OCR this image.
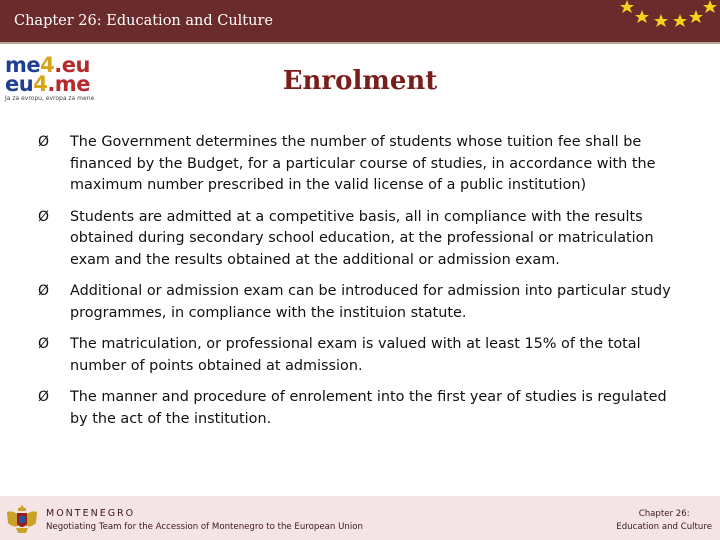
Chapter 26: Education and Culture
me4.eu
eu4.me
Ja za evropu, evropa za mene
Enrolment
Ø	The Government determines the number of students whose tuition fee shall be financed by the Budget, for a particular course of studies, in accordance with the maximum number prescribed in the valid license of a public institution)
Ø	Students are admitted at a competitive basis, all in compliance with the results obtained during secondary school education, at the professional or matriculation exam and the results obtained at the additional or admission exam.
Ø	Additional or admission exam can be introduced for admission into particular study programmes, in compliance with the instituion statute.
Ø	The matriculation, or professional exam is valued with at least 15% of the total number of points obtained at admission.
Ø	The manner and procedure of enrolement into the first year of studies is regulated by the act of the institution.
MONTENEGRO
Negotiating Team for the Accession of Montenegro to the European Union
Chapter 26:
Education and Culture
